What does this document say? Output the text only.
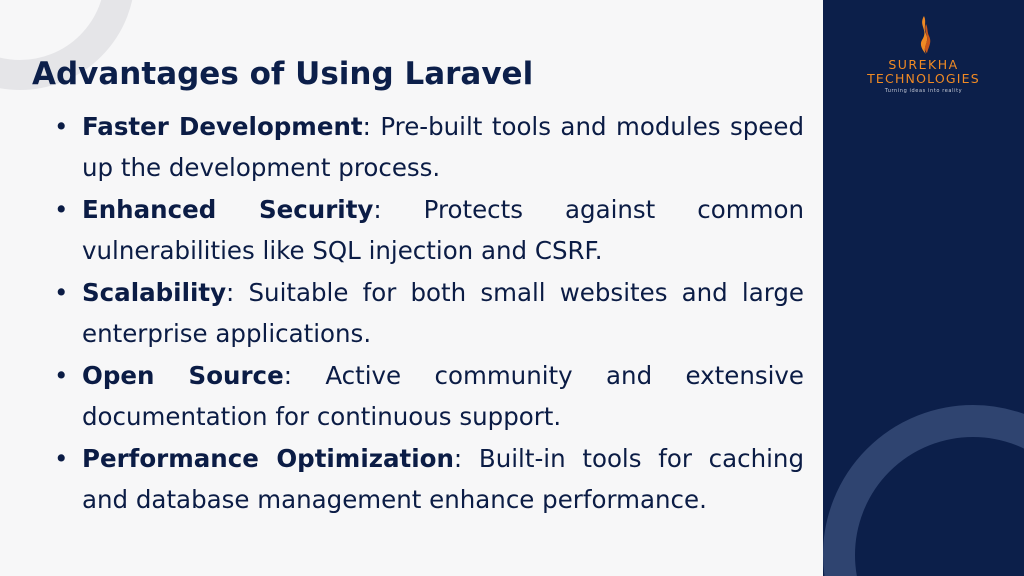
SUREKHA
TECHNOLOGIES
Turning ideas into reality
Advantages of Using Laravel
• Faster Development: Pre-built tools and modules speed up the development process.
• Enhanced Security: Protects against common vulnerabilities like SQL injection and CSRF.
• Scalability: Suitable for both small websites and large enterprise applications.
• Open Source: Active community and extensive documentation for continuous support.
• Performance Optimization: Built-in tools for caching and database management enhance performance.
